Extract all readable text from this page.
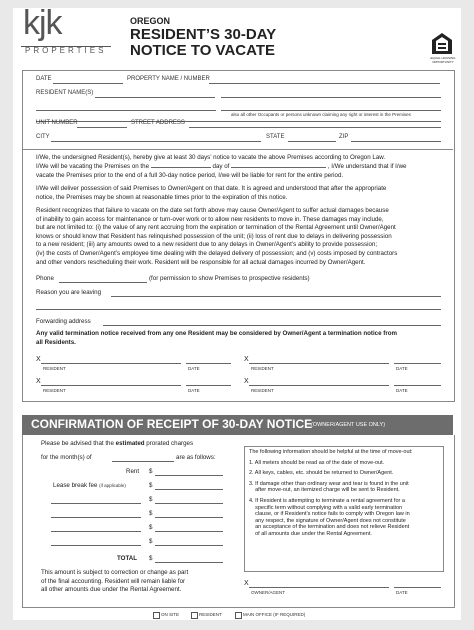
kjk
PROPERTIES
OREGON
RESIDENT’S 30-DAY
NOTICE TO VACATE	EQUAL HOUSING OPPORTUNITY
DATE	PROPERTY NAME / NUMBER
RESIDENT NAME(S)
also all other Occupants or persons unknown claiming any right or interest in the Premises
UNIT NUMBER	STREET ADDRESS
CITY	STATE	ZIP
I/We, the undersigned Resident(s), hereby give at least 30 days’ notice to vacate the above Premises according to Oregon Law.
I/We will be vacating the Premises on the	day of	, I/We understand that if I/we
vacate the Premises prior to the end of a full 30-day notice period, I/we will be liable for rent for the entire period.
I/We will deliver possession of said Premises to Owner/Agent on that date. It is agreed and understood that after the appropriate
notice, the Premises may be shown at reasonable times prior to the expiration of this notice.
Resident recognizes that failure to vacate on the date set forth above may cause Owner/Agent to suffer actual damages because
of inability to gain access for maintenance or turn-over work or to allow new residents to move in. These damages may include,
but are not limited to: (i) the value of any rent accruing from the expiration or termination of the Rental Agreement until Owner/Agent
knows or should know that Resident has relinquished possession of the unit; (ii) loss of rent due to delays in delivering possession
to a new resident; (iii) any amounts owed to a new resident due to any delays in Owner/Agent’s ability to provide possession;
(iv) the costs of Owner/Agent’s employee time dealing with the delayed delivery of possession; and (v) costs imposed by contractors
and other vendors rescheduling their work. Resident will be responsible for all actual damages incurred by Owner/Agent.
Phone	(for permission to show Premises to prospective residents)
Reason you are leaving
Forwarding address
Any valid termination notice received from any one Resident may be considered by Owner/Agent a termination notice from
all Residents.
X
RESIDENT	DATE
X
RESIDENT	DATE
X
RESIDENT	DATE
X
RESIDENT	DATE
CONFIRMATION OF RECEIPT OF 30-DAY NOTICE
(OWNER/AGENT USE ONLY)
Please be advised that the estimated prorated charges
for the month(s) of	are as follows:
Rent $
Lease break fee (if applicable)	$
$
$
$
$
TOTAL $
This amount is subject to correction or change as part
of the final accounting. Resident will remain liable for
all other amounts due under the Rental Agreement.
The following information should be helpful at the time of move-out:
1. All meters should be read as of the date of move-out.
2. All keys, cables, etc. should be returned to Owner/Agent.
3. If damage other than ordinary wear and tear is found in the unit
after move-out, an itemized charge will be sent to Resident.
4. If Resident is attempting to terminate a rental agreement for a
specific term without complying with a valid early termination
clause, or if Resident’s notice fails to comply with Oregon law in
any respect, the signature of Owner/Agent does not constitute
an acceptance of the termination and does not relieve Resident
of all amounts due under the Rental Agreement.
X
OWNER/AGENT	DATE
ON SITE	RESIDENT	MAIN OFFICE (IF REQUIRED)
